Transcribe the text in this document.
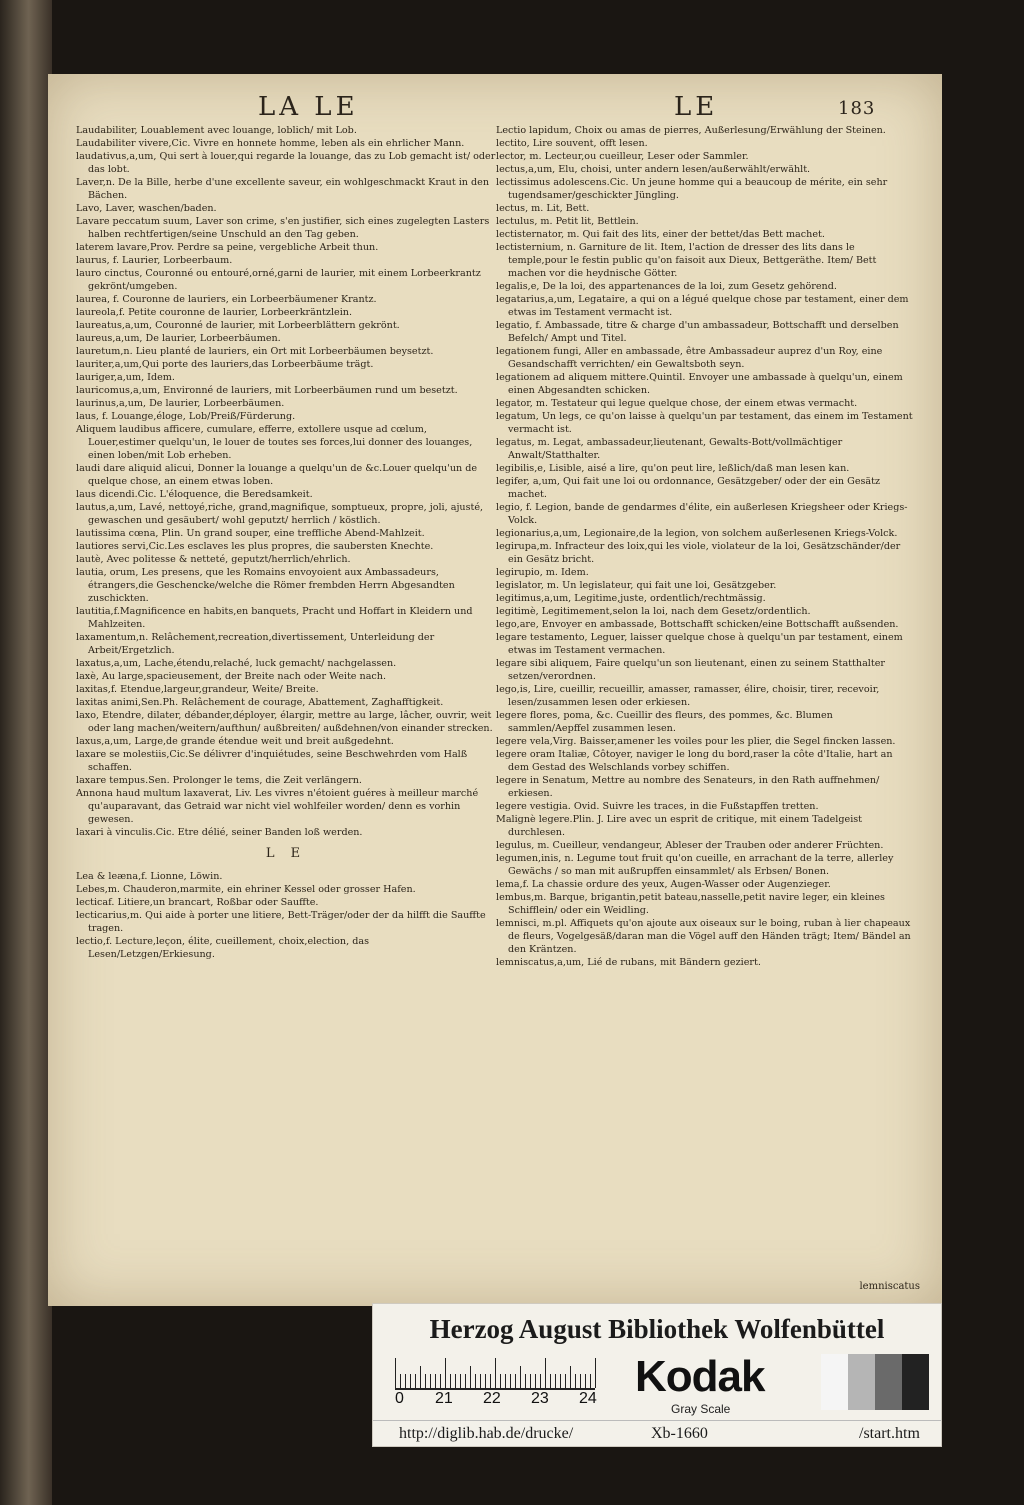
LA LE	LE	183

Laudabiliter, Louablement avec louange, loblich/ mit Lob.

Laudabiliter vivere,Cic. Vivre en honnete homme, leben als ein ehrlicher Mann.

laudativus,a,um, Qui sert à louer,qui regarde la louange, das zu Lob gemacht ist/ oder das lobt.

Laver,n. De la Bille, herbe d'une excellente saveur, ein wohlgeschmackt Kraut in den Bächen.

Lavo, Laver, waschen/baden.

Lavare peccatum suum, Laver son crime, s'en justifier, sich eines zugelegten Lasters halben rechtfertigen/seine Unschuld an den Tag geben.

laterem lavare,Prov. Perdre sa peine, vergebliche Arbeit thun.

laurus, f. Laurier, Lorbeerbaum.

lauro cinctus, Couronné ou entouré,orné,garni de laurier, mit einem Lorbeerkrantz gekrönt/umgeben.

laurea, f. Couronne de lauriers, ein Lorbeerbäumener Krantz.

laureola,f. Petite couronne de laurier, Lorbeerkräntzlein.

laureatus,a,um, Couronné de laurier, mit Lorbeerblättern gekrönt.

laureus,a,um, De laurier, Lorbeerbäumen.

lauretum,n. Lieu planté de lauriers, ein Ort mit Lorbeerbäumen beysetzt.

lauriter,a,um,Qui porte des lauriers,das Lorbeerbäume trägt.

lauriger,a,um, Idem.

lauricomus,a,um, Environné de lauriers, mit Lorbeerbäumen rund um besetzt.

laurinus,a,um, De laurier, Lorbeerbäumen.

laus, f. Louange,éloge, Lob/Preiß/Fürderung.

Aliquem laudibus afficere, cumulare, efferre, extollere usque ad cœlum, Louer,estimer quelqu'un, le louer de toutes ses forces,lui donner des louanges, einen loben/mit Lob erheben.

laudi dare aliquid alicui, Donner la louange a quelqu'un de &c.Louer quelqu'un de quelque chose, an einem etwas loben.

laus dicendi.Cic. L'éloquence, die Beredsamkeit.

lautus,a,um, Lavé, nettoyé,riche, grand,magnifique, somptueux, propre, joli, ajusté, gewaschen und gesäubert/ wohl geputzt/ herrlich / köstlich.

lautissima cœna, Plin. Un grand souper, eine treffliche Abend-Mahlzeit.

lautiores servi,Cic.Les esclaves les plus propres, die saubersten Knechte.

lautè, Avec politesse & netteté, geputzt/herrlich/ehrlich.

lautia, orum, Les presens, que les Romains envoyoient aux Ambassadeurs, étrangers,die Geschencke/welche die Römer frembden Herrn Abgesandten zuschickten.

lautitia,f.Magnificence en habits,en banquets, Pracht und Hoffart in Kleidern und Mahlzeiten.

laxamentum,n. Relâchement,recreation,divertissement, Unterleidung der Arbeit/Ergetzlich.

laxatus,a,um, Lache,étendu,relaché, luck gemacht/ nachgelassen.

laxè, Au large,spacieusement, der Breite nach oder Weite nach.

laxitas,f. Etendue,largeur,grandeur, Weite/ Breite.

laxitas animi,Sen.Ph. Relâchement de courage, Abattement, Zaghafftigkeit.

laxo, Etendre, dilater, débander,déployer, élargir, mettre au large, lâcher, ouvrir, weit oder lang machen/weitern/aufthun/ außbreiten/ außdehnen/von einander strecken.

laxus,a,um, Large,de grande étendue weit und breit außgedehnt.

laxare se molestiis,Cic.Se délivrer d'inquiétudes, seine Beschwehrden vom Halß schaffen.

laxare tempus.Sen. Prolonger le tems, die Zeit verlängern.

Annona haud multum laxaverat, Liv. Les vivres n'étoient guéres à meilleur marché qu'auparavant, das Getraid war nicht viel wohlfeiler worden/ denn es vorhin gewesen.

laxari à vinculis.Cic. Etre délié, seiner Banden loß werden.

L E

Lea & leæna,f. Lionne, Löwin.

Lebes,m. Chauderon,marmite, ein ehriner Kessel oder grosser Hafen.

lecticaf. Litiere,un brancart, Roßbar oder Sauffte.

lecticarius,m. Qui aide à porter une litiere, Bett-Träger/oder der da hilfft die Sauffte tragen.

lectio,f. Lecture,leçon, élite, cueillement, choix,election, das Lesen/Letzgen/Erkiesung.

Lectio lapidum, Choix ou amas de pierres, Außerlesung/Erwählung der Steinen.

lectito, Lire souvent, offt lesen.

lector, m. Lecteur,ou cueilleur, Leser oder Sammler.

lectus,a,um, Elu, choisi, unter andern lesen/außerwählt/erwählt.

lectissimus adolescens.Cic. Un jeune homme qui a beaucoup de mérite, ein sehr tugendsamer/geschickter Jüngling.

lectus, m. Lit, Bett.

lectulus, m. Petit lit, Bettlein.

lectisternator, m. Qui fait des lits, einer der bettet/das Bett machet.

lectisternium, n. Garniture de lit. Item, l'action de dresser des lits dans le temple,pour le festin public qu'on faisoit aux Dieux, Bettgeräthe. Item/ Bett machen vor die heydnische Götter.

legalis,e, De la loi, des appartenances de la loi, zum Gesetz gehörend.

legatarius,a,um, Legataire, a qui on a légué quelque chose par testament, einer dem etwas im Testament vermacht ist.

legatio, f. Ambassade, titre & charge d'un ambassadeur, Bottschafft und derselben Befelch/ Ampt und Titel.

legationem fungi, Aller en ambassade, être Ambassadeur auprez d'un Roy, eine Gesandschafft verrichten/ ein Gewaltsboth seyn.

legationem ad aliquem mittere.Quintil. Envoyer une ambassade à quelqu'un, einem einen Abgesandten schicken.

legator, m. Testateur qui legue quelque chose, der einem etwas vermacht.

legatum, Un legs, ce qu'on laisse à quelqu'un par testament, das einem im Testament vermacht ist.

legatus, m. Legat, ambassadeur,lieutenant, Gewalts-Bott/vollmächtiger Anwalt/Statthalter.

legibilis,e, Lisible, aisé a lire, qu'on peut lire, leßlich/daß man lesen kan.

legifer, a,um, Qui fait une loi ou ordonnance, Gesätzgeber/ oder der ein Gesätz machet.

legio, f. Legion, bande de gendarmes d'élite, ein außerlesen Kriegsheer oder Kriegs-Volck.

legionarius,a,um, Legionaire,de la legion, von solchem außerlesenen Kriegs-Volck.

legirupa,m. Infracteur des loix,qui les viole, violateur de la loi, Gesätzschänder/der ein Gesätz bricht.

legirupio, m. Idem.

legislator, m. Un legislateur, qui fait une loi, Gesätzgeber.

legitimus,a,um, Legitime,juste, ordentlich/rechtmässig.

legitimè, Legitimement,selon la loi, nach dem Gesetz/ordentlich.

lego,are, Envoyer en ambassade, Bottschafft schicken/eine Bottschafft außsenden.

legare testamento, Leguer, laisser quelque chose à quelqu'un par testament, einem etwas im Testament vermachen.

legare sibi aliquem, Faire quelqu'un son lieutenant, einen zu seinem Statthalter setzen/verordnen.

lego,is, Lire, cueillir, recueillir, amasser, ramasser, élire, choisir, tirer, recevoir, lesen/zusammen lesen oder erkiesen.

legere flores, poma, &c. Cueillir des fleurs, des pommes, &c. Blumen sammlen/Aepffel zusammen lesen.

legere vela,Virg. Baisser,amener les voiles pour les plier, die Segel fincken lassen.

legere oram Italiæ, Côtoyer, naviger le long du bord,raser la côte d'Italie, hart an dem Gestad des Welschlands vorbey schiffen.

legere in Senatum, Mettre au nombre des Senateurs, in den Rath auffnehmen/ erkiesen.

legere vestigia. Ovid. Suivre les traces, in die Fußstapffen tretten.

Malignè legere.Plin. J. Lire avec un esprit de critique, mit einem Tadelgeist durchlesen.

legulus, m. Cueilleur, vendangeur, Ableser der Trauben oder anderer Früchten.

legumen,inis, n. Legume tout fruit qu'on cueille, en arrachant de la terre, allerley Gewächs / so man mit außrupffen einsammlet/ als Erbsen/ Bonen.

lema,f. La chassie ordure des yeux, Augen-Wasser oder Augenzieger.

lembus,m. Barque, brigantin,petit bateau,nasselle,petit navire leger, ein kleines Schifflein/ oder ein Weidling.

lemnisci, m.pl. Affiquets qu'on ajoute aux oiseaux sur le boing, ruban à lier chapeaux de fleurs, Vogelgesäß/daran man die Vögel auff den Händen trägt; Item/ Bändel an den Kräntzen.

lemniscatus,a,um, Lié de rubans, mit Bändern geziert.

lemniscatus
Herzog August Bibliothek Wolfenbüttel
0 21 22 23 24 Kodak
Gray Scale
http://diglib.hab.de/drucke/	Xb-1660	/start.htm
